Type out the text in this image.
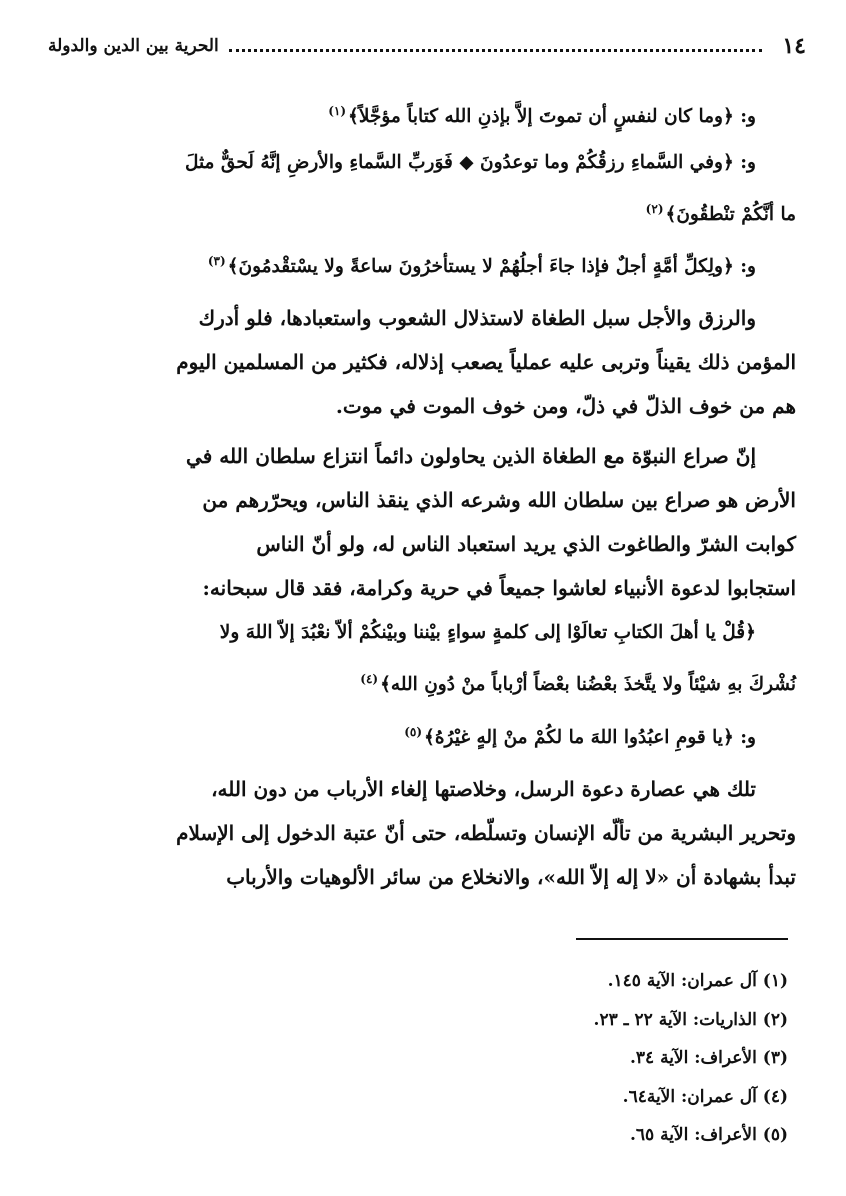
١٤
الحرية بين الدين والدولة
و: ﴿وما كان لنفسٍ أن تموتَ إلاَّ بإذنِ الله كتاباً مؤجَّلاً﴾$^{(١)}$
و: ﴿وفي السَّماءِ رزقُكُمْ وما توعدُونَ ◆ فَوَربِّ السَّماءِ والأرضِ إنَّهُ لَحقٌّ مثلَ
ما أنَّكُمْ تنْطقُونَ﴾$^{(٢)}$
و: ﴿ولِكلِّ أمَّةٍ أجلٌ فإذا جاءَ أجلُهُمْ لا يستأخرُونَ ساعةً ولا يسْتقْدمُونَ﴾$^{(٣)}$
والرزق والأجل سبل الطغاة لاستذلال الشعوب واستعبادها، فلو أدرك
المؤمن ذلك يقيناً وتربى عليه عملياً يصعب إذلاله، فكثير من المسلمين اليوم
هم من خوف الذلّ في ذلّ، ومن خوف الموت في موت.
إنّ صراع النبوّة مع الطغاة الذين يحاولون دائماً انتزاع سلطان الله في
الأرض هو صراع بين سلطان الله وشرعه الذي ينقذ الناس، ويحرّرهم من
كوابت الشرّ والطاغوت الذي يريد استعباد الناس له، ولو أنّ الناس
استجابوا لدعوة الأنبياء لعاشوا جميعاً في حرية وكرامة، فقد قال سبحانه:
﴿قُلْ يا أهلَ الكتابِ تعالَوْا إلى كلمةٍ سواءٍ بيْننا وبيْنكُمْ ألاّ نعْبُدَ إلاّ اللهَ ولا
نُشْركَ بهِ شيْئاً ولا يتَّخذَ بعْضُنا بعْضاً أرْباباً منْ دُونِ الله﴾$^{(٤)}$
و: ﴿يا قومِ اعبُدُوا اللهَ ما لكُمْ منْ إلهٍ غيْرُهُ﴾$^{(٥)}$
تلك هي عصارة دعوة الرسل، وخلاصتها إلغاء الأرباب من دون الله،
وتحرير البشرية من تألّه الإنسان وتسلّطه، حتى أنّ عتبة الدخول إلى الإسلام
تبدأ بشهادة أن «لا إله إلاّ الله»، والانخلاع من سائر الألوهيات والأرباب
(١) آل عمران: الآية ١٤٥.
(٢) الذاريات: الآية ٢٢ ـ ٢٣.
(٣) الأعراف: الآية ٣٤.
(٤) آل عمران: الآية٦٤.
(٥) الأعراف: الآية ٦٥.
